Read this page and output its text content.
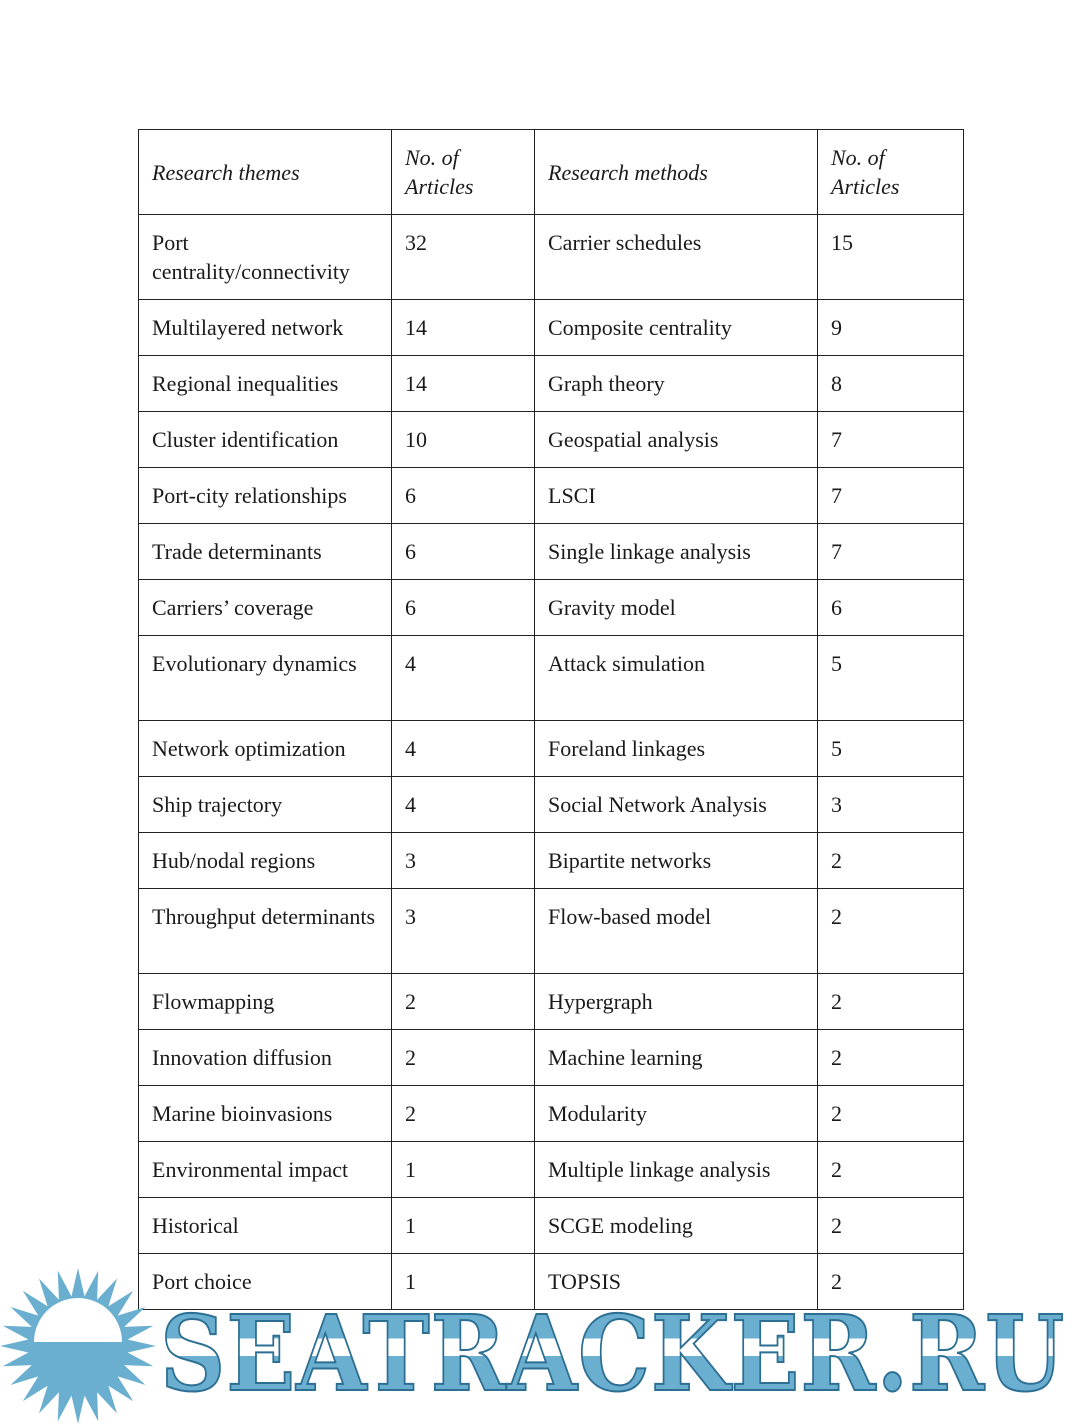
Research themes	No. of Articles	Research methods	No. of Articles
Port centrality/connectivity	32	Carrier schedules	15
Multilayered network	14	Composite centrality	9
Regional inequalities	14	Graph theory	8
Cluster identification	10	Geospatial analysis	7
Port-city relationships	6	LSCI	7
Trade determinants	6	Single linkage analysis	7
Carriers’ coverage	6	Gravity model	6
Evolutionary dynamics	4	Attack simulation	5
Network optimization	4	Foreland linkages	5
Ship trajectory	4	Social Network Analysis	3
Hub/nodal regions	3	Bipartite networks	2
Throughput determinants	3	Flow-based model	2
Flowmapping	2	Hypergraph	2
Innovation diffusion	2	Machine learning	2
Marine bioinvasions	2	Modularity	2
Environmental impact	1	Multiple linkage analysis	2
Historical	1	SCGE modeling	2
Port choice	1	TOPSIS	2
SEATRACKER.RU
